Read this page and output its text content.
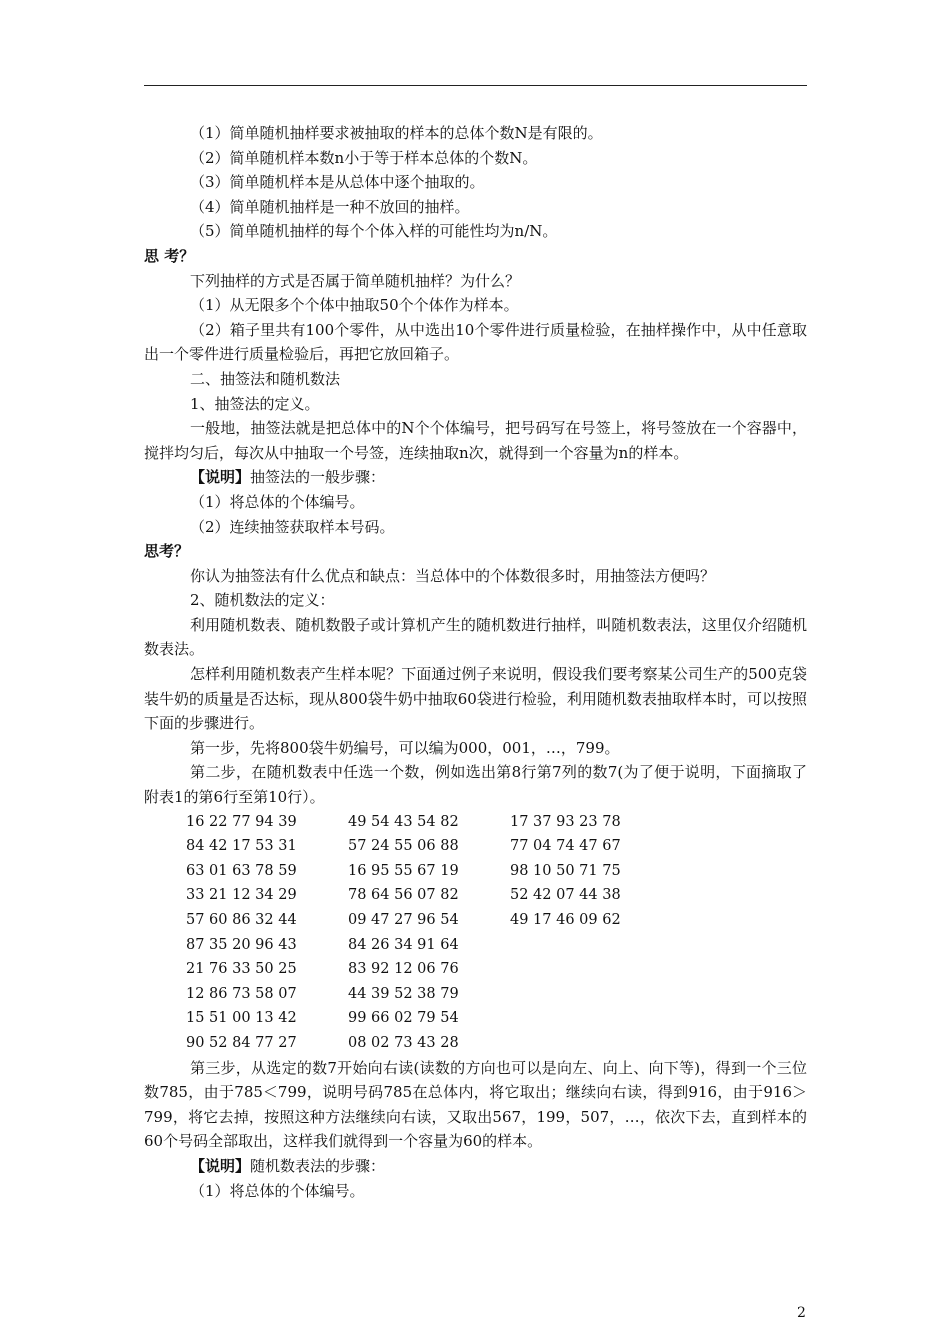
（1）简单随机抽样要求被抽取的样本的总体个数N是有限的。

（2）简单随机样本数n小于等于样本总体的个数N。

（3）简单随机样本是从总体中逐个抽取的。

（4）简单随机抽样是一种不放回的抽样。

（5）简单随机抽样的每个个体入样的可能性均为n/N。

思 考？

下列抽样的方式是否属于简单随机抽样？为什么？

（1）从无限多个个体中抽取50个个体作为样本。

（2）箱子里共有100个零件，从中选出10个零件进行质量检验，在抽样操作中，从中任意取出一个零件进行质量检验后，再把它放回箱子。

二、抽签法和随机数法

1、抽签法的定义。

一般地，抽签法就是把总体中的N个个体编号，把号码写在号签上，将号签放在一个容器中，搅拌均匀后，每次从中抽取一个号签，连续抽取n次，就得到一个容量为n的样本。

【说明】抽签法的一般步骤：

（1）将总体的个体编号。

（2）连续抽签获取样本号码。

思考？

你认为抽签法有什么优点和缺点：当总体中的个体数很多时，用抽签法方便吗？

2、随机数法的定义：

利用随机数表、随机数骰子或计算机产生的随机数进行抽样，叫随机数表法，这里仅介绍随机数表法。

怎样利用随机数表产生样本呢？下面通过例子来说明，假设我们要考察某公司生产的500克袋装牛奶的质量是否达标，现从800袋牛奶中抽取60袋进行检验，利用随机数表抽取样本时，可以按照下面的步骤进行。

第一步，先将800袋牛奶编号，可以编为000，001，…，799。

第二步，在随机数表中任选一个数，例如选出第8行第7列的数7(为了便于说明，下面摘取了附表1的第6行至第10行）。

16 22 77 94 39	49 54 43 54 82	17 37 93 23 78
84 42 17 53 31	57 24 55 06 88	77 04 74 47 67
63 01 63 78 59	16 95 55 67 19	98 10 50 71 75
33 21 12 34 29	78 64 56 07 82	52 42 07 44 38
57 60 86 32 44	09 47 27 96 54	49 17 46 09 62
87 35 20 96 43	84 26 34 91 64
21 76 33 50 25	83 92 12 06 76
12 86 73 58 07	44 39 52 38 79
15 51 00 13 42	99 66 02 79 54
90 52 84 77 27	08 02 73 43 28

第三步，从选定的数7开始向右读(读数的方向也可以是向左、向上、向下等)，得到一个三位数785，由于785＜799，说明号码785在总体内，将它取出；继续向右读，得到916，由于916＞799，将它去掉，按照这种方法继续向右读，又取出567，199，507，…，依次下去，直到样本的60个号码全部取出，这样我们就得到一个容量为60的样本。

【说明】随机数表法的步骤：

（1）将总体的个体编号。

2
